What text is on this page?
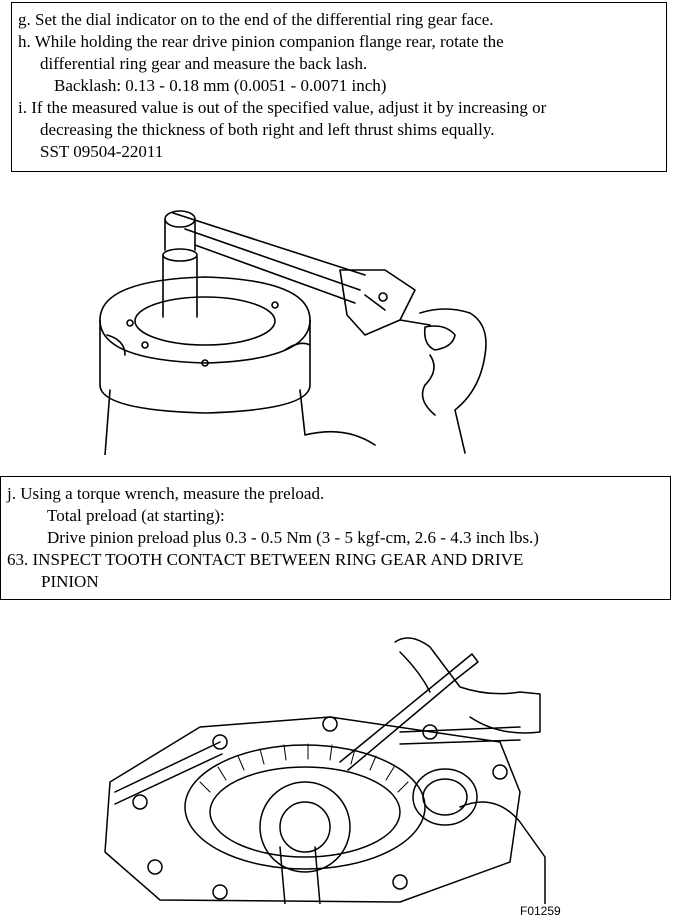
g. Set the dial indicator on to the end of the differential ring gear face.
h. While holding the rear drive pinion companion flange rear, rotate the
differential ring gear and measure the back lash.
Backlash: 0.13 - 0.18 mm (0.0051 - 0.0071 inch)
i. If the measured value is out of the specified value, adjust it by increasing or
decreasing the thickness of both right and left thrust shims equally.
SST 09504-22011
j. Using a torque wrench, measure the preload.
Total preload (at starting):
Drive pinion preload plus 0.3 - 0.5 Nm (3 - 5 kgf-cm, 2.6 - 4.3 inch lbs.)
63. INSPECT TOOTH CONTACT BETWEEN RING GEAR AND DRIVE
PINION
F01259
